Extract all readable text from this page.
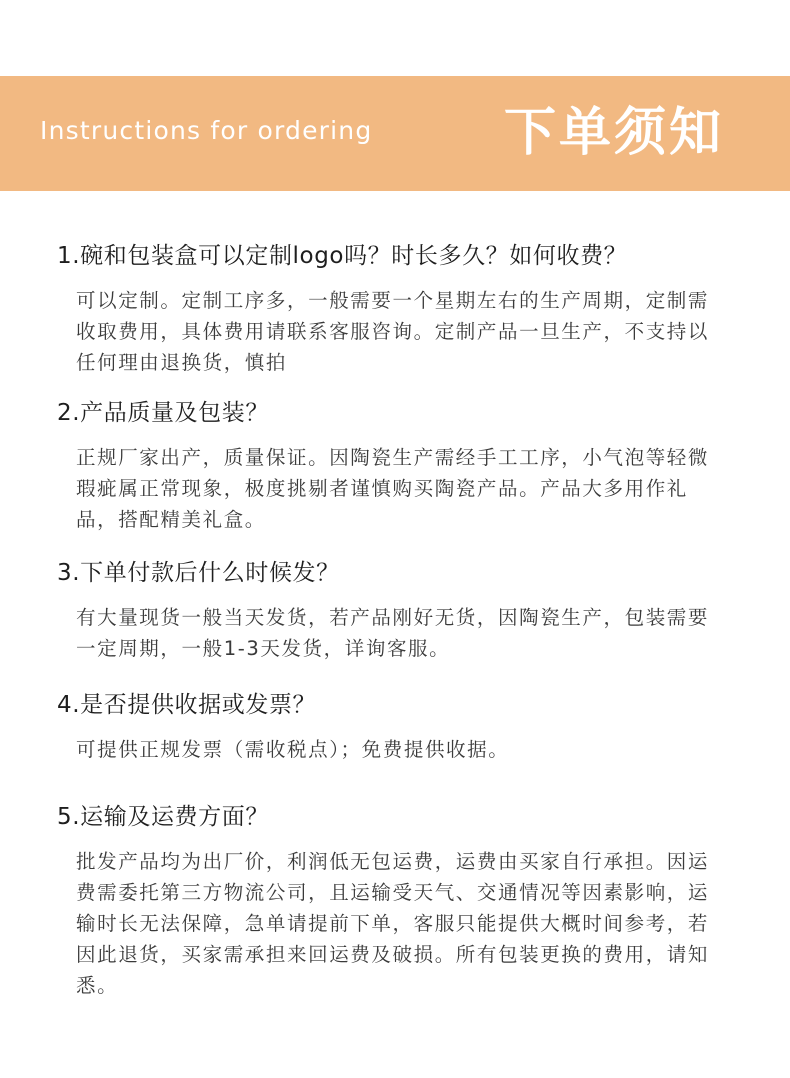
Instructions for ordering	下单须知
1.碗和包装盒可以定制logo吗？时长多久？如何收费？

可以定制。定制工序多，一般需要一个星期左右的生产周期，定制需收取费用，具体费用请联系客服咨询。定制产品一旦生产，不支持以任何理由退换货，慎拍

2.产品质量及包装？

正规厂家出产，质量保证。因陶瓷生产需经手工工序，小气泡等轻微瑕疵属正常现象，极度挑剔者谨慎购买陶瓷产品。产品大多用作礼品，搭配精美礼盒。

3.下单付款后什么时候发？

有大量现货一般当天发货，若产品刚好无货，因陶瓷生产，包装需要一定周期，一般1-3天发货，详询客服。

4.是否提供收据或发票？

可提供正规发票（需收税点）；免费提供收据。

5.运输及运费方面？

批发产品均为出厂价，利润低无包运费，运费由买家自行承担。因运费需委托第三方物流公司，且运输受天气、交通情况等因素影响，运输时长无法保障，急单请提前下单，客服只能提供大概时间参考，若因此退货，买家需承担来回运费及破损。所有包装更换的费用，请知悉。
